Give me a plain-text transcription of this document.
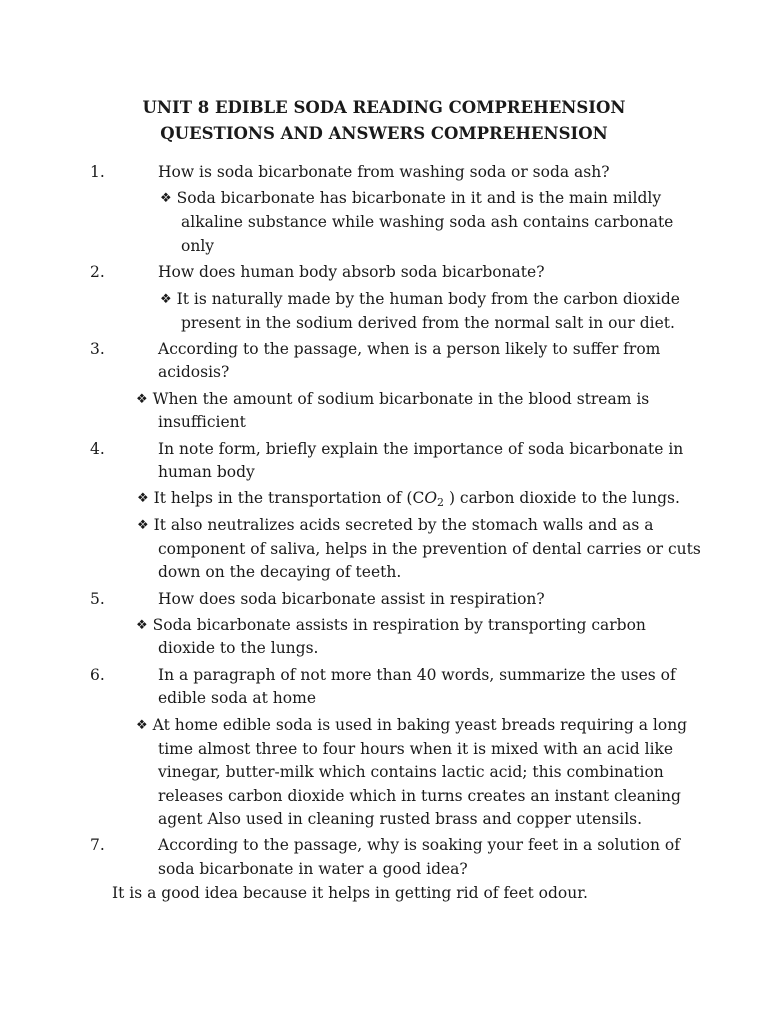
UNIT 8 EDIBLE SODA READING COMPREHENSION
QUESTIONS AND ANSWERS COMPREHENSION
1.	How is soda bicarbonate from washing soda or soda ash?
❖ Soda bicarbonate has bicarbonate in it and is the main mildly
alkaline substance while washing soda ash contains carbonate
only
2.	How does human body absorb soda bicarbonate?
❖ It is naturally made by the human body from the carbon dioxide
present in the sodium derived from the normal salt in our diet.
3.	According to the passage, when is a person likely to suffer from
acidosis?
❖ When the amount of sodium bicarbonate in the blood stream is
insufficient
4.	In note form, briefly explain the importance of soda bicarbonate in
human body
❖ It helps in the transportation of ($CO_2$ ) carbon dioxide to the lungs.
❖ It also neutralizes acids secreted by the stomach walls and as a
component of saliva, helps in the prevention of dental carries or cuts
down on the decaying of teeth.
5.	How does soda bicarbonate assist in respiration?
❖ Soda bicarbonate assists in respiration by transporting carbon
dioxide to the lungs.
6.	In a paragraph of not more than 40 words, summarize the uses of
edible soda at home
❖ At home edible soda is used in baking yeast breads requiring a long
time almost three to four hours when it is mixed with an acid like
vinegar, butter-milk which contains lactic acid; this combination
releases carbon dioxide which in turns creates an instant cleaning
agent Also used in cleaning rusted brass and copper utensils.
7.	According to the passage, why is soaking your feet in a solution of
soda bicarbonate in water a good idea?
It is a good idea because it helps in getting rid of feet odour.
